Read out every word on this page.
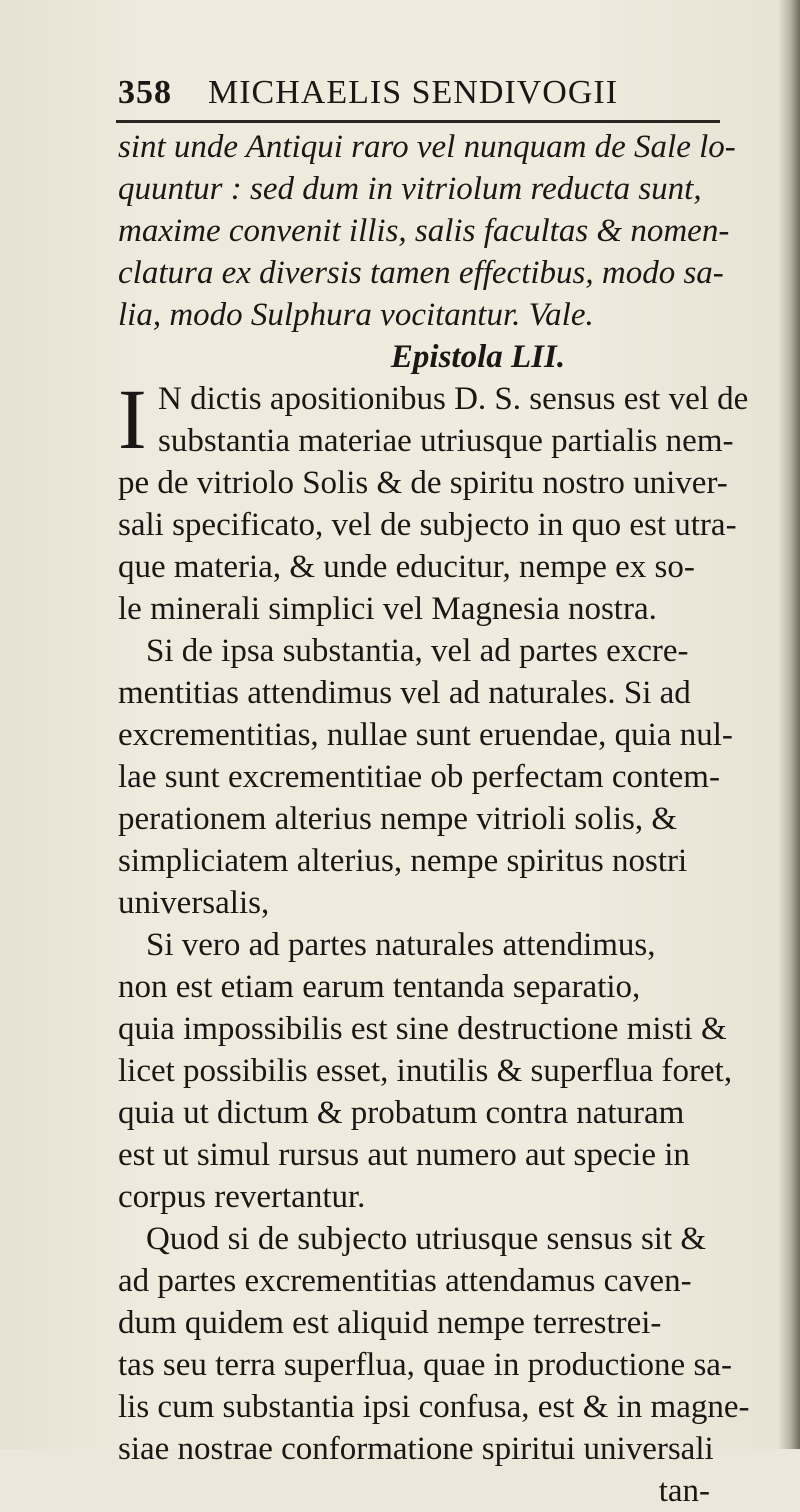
358 MICHAELIS SENDIVOGII
sint unde Antiqui raro vel nunquam de Sale lo-
quuntur : sed dum in vitriolum reducta sunt,
maxime convenit illis, salis facultas & nomen-
clatura ex diversis tamen effectibus, modo sa-
lia, modo Sulphura vocitantur. Vale.
Epistola LII.
I N dictis apositionibus D. S. sensus est vel de
substantia materiae utriusque partialis nem-
pe de vitriolo Solis & de spiritu nostro univer-
sali specificato, vel de subjecto in quo est utra-
que materia, & unde educitur, nempe ex so-
le minerali simplici vel Magnesia nostra.
Si de ipsa substantia, vel ad partes excre-
mentitias attendimus vel ad naturales. Si ad
excrementitias, nullae sunt eruendae, quia nul-
lae sunt excrementitiae ob perfectam contem-
perationem alterius nempe vitrioli solis, &
simpliciatem alterius, nempe spiritus nostri
universalis,
Si vero ad partes naturales attendimus,
non est etiam earum tentanda separatio,
quia impossibilis est sine destructione misti &
licet possibilis esset, inutilis & superflua foret,
quia ut dictum & probatum contra naturam
est ut simul rursus aut numero aut specie in
corpus revertantur.
Quod si de subjecto utriusque sensus sit &
ad partes excrementitias attendamus caven-
dum quidem est aliquid nempe terrestrei-
tas seu terra superflua, quae in productione sa-
lis cum substantia ipsi confusa, est & in magne-
siae nostrae conformatione spiritui universali
tan-
